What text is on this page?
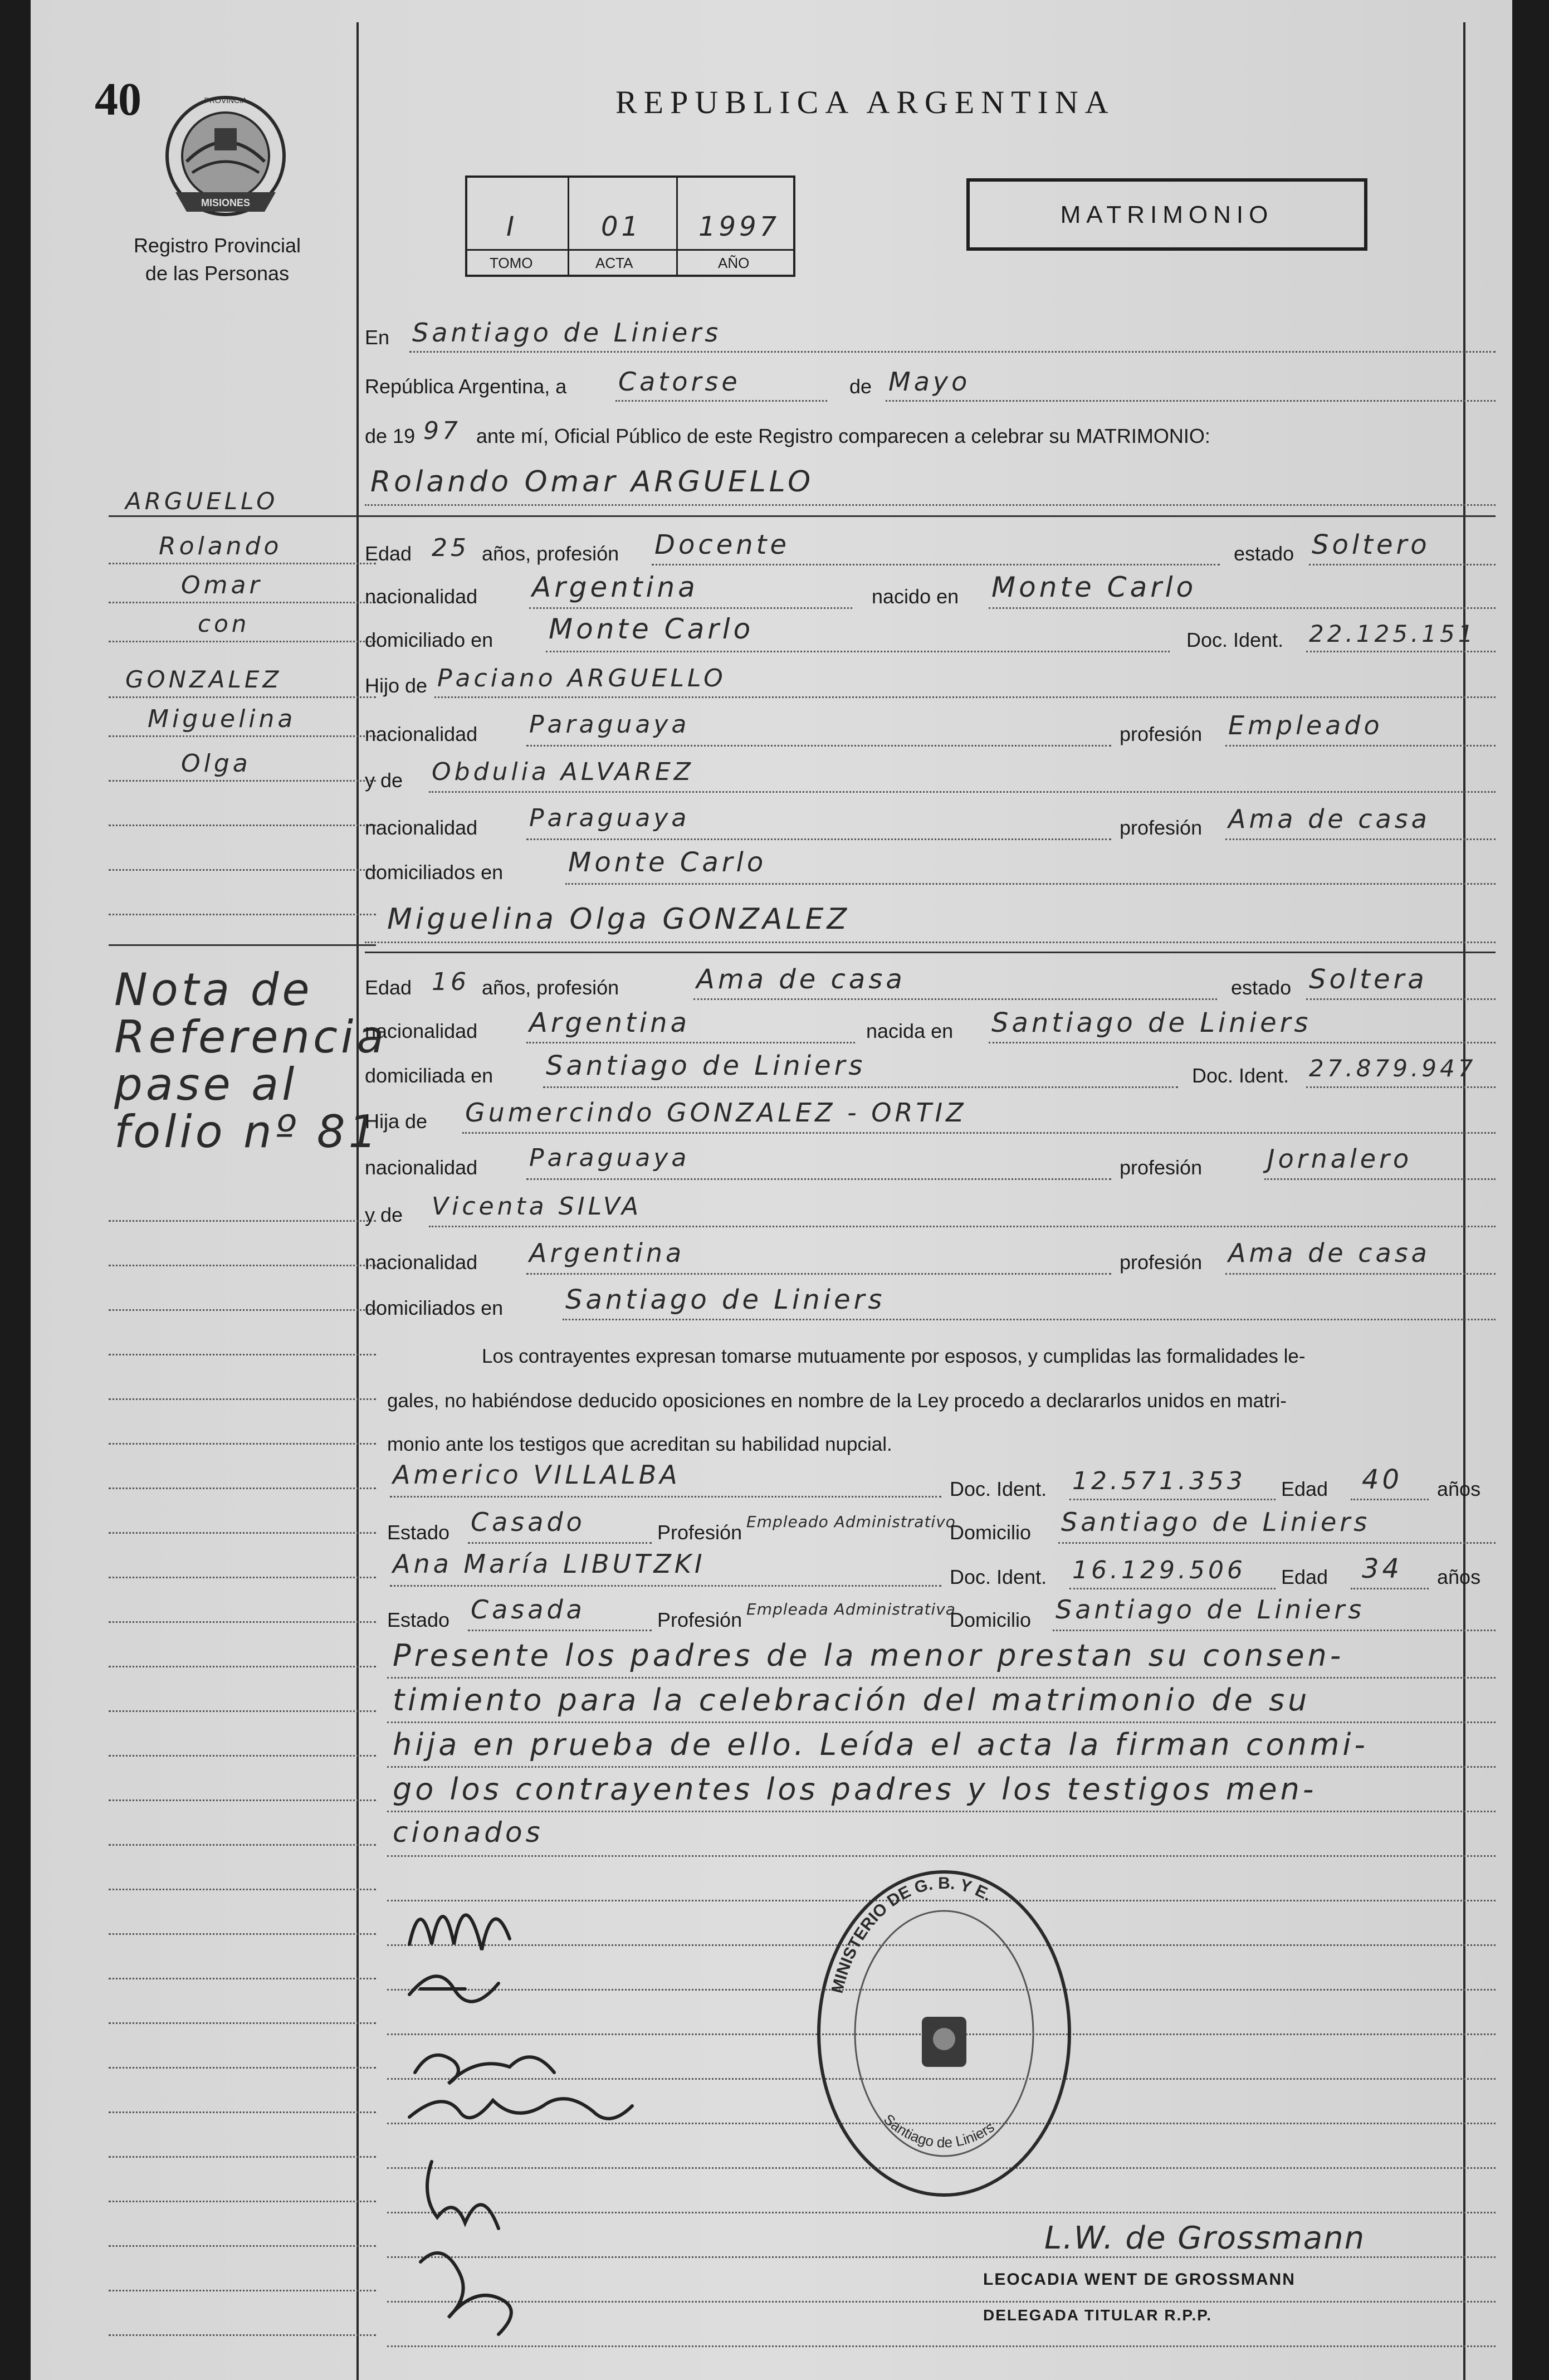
40	PROVINCIA
MISIONES
Registro Provincial
de las Personas
REPUBLICA ARGENTINA
MATRIMONIO
I	01 1997
TOMO	ACTA	AÑO
ARGUELLO
Rolando
Omar
con
GONZALEZ
Miguelina
Olga
Nota de
Referencia
pase al
folio nº 81
En Santiago de Liniers
República Argentina, a Catorse	de Mayo
de 19 97 ante mí, Oficial Público de este Registro comparecen a celebrar su MATRIMONIO:
Rolando Omar ARGUELLO
Edad 25 años, profesión Docente	estado Soltero
nacionalidad Argentina	nacido en Monte Carlo
domiciliado en Monte Carlo	Doc. Ident. 22.125.151
Hijo de Paciano ARGUELLO
nacionalidad Paraguaya	profesión Empleado
y de Obdulia ALVAREZ
nacionalidad Paraguaya	profesión Ama de casa
domiciliados en Monte Carlo
Miguelina Olga GONZALEZ
Edad 16 años, profesión	Ama de casa	estado Soltera
nacionalidad Argentina	nacida en Santiago de Liniers
domiciliada en Santiago de Liniers	Doc. Ident. 27.879.947
Hija de Gumercindo GONZALEZ - ORTIZ
nacionalidad Paraguaya	profesión	Jornalero
y de Vicenta SILVA
nacionalidad Argentina	profesión Ama de casa
domiciliados en Santiago de Liniers
Los contrayentes expresan tomarse mutuamente por esposos, y cumplidas las formalidades le-
gales, no habiéndose deducido oposiciones en nombre de la Ley procedo a declararlos unidos en matri-
monio ante los testigos que acreditan su habilidad nupcial.
Americo VILLALBA	Doc. Ident. 12.571.353 Edad 40 años
Estado Casado	Profesión Empleado Administrativo
Domicilio Santiago de Liniers
Ana María LIBUTZKI	Doc. Ident. 16.129.506 Edad 34 años
Estado Casada	Profesión Empleada Administrativa
Domicilio Santiago de Liniers
Presente los padres de la menor prestan su consen-
timiento para la celebración del matrimonio de su
hija en prueba de ello. Leída el acta la firman conmi-
go los contrayentes los padres y los testigos men-
cionados
MINISTERIO DE G. B. Y E.
Santiago de Liniers
L.W. de Grossmann
LEOCADIA WENT DE GROSSMANN
DELEGADA TITULAR R.P.P.
